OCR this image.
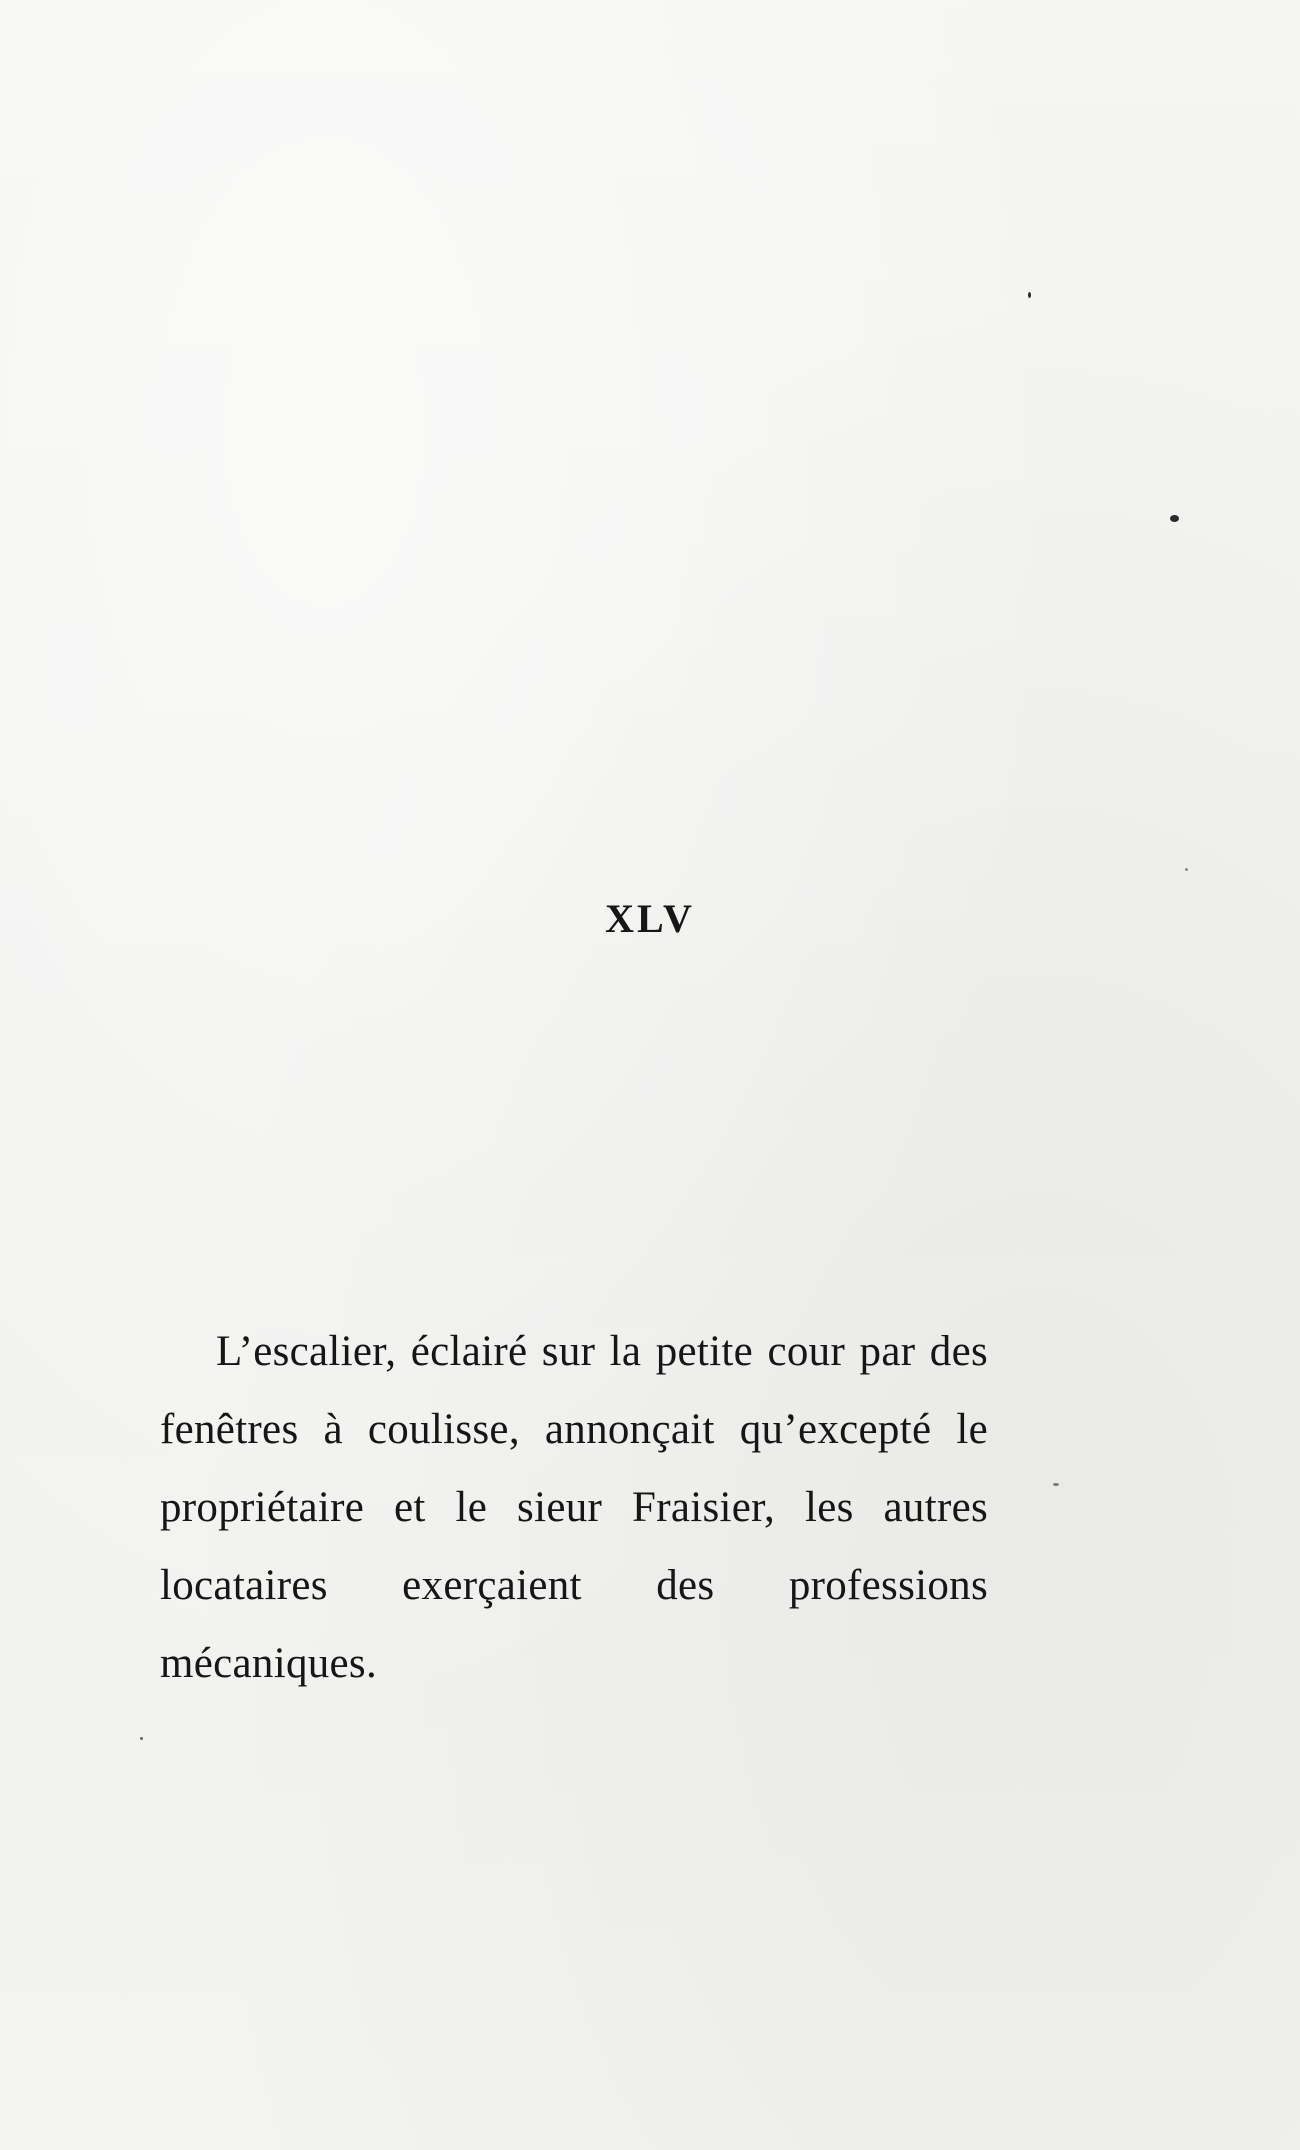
XLV

L’escalier, éclairé sur la petite cour par des fenêtres à coulisse, annonçait qu’excepté le propriétaire et le sieur Fraisier, les autres locataires exerçaient des professions mécaniques.
